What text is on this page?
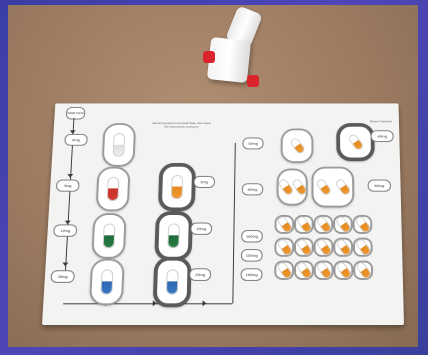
Start here
6mg
3mg
12mg
25mg
Record symptoms and peak flows, then check the chart before moving on
5mg
10mg
20mg
40mg
80mg
160mg
160mg
160mg
40mg
Recent Capsules
80mg
